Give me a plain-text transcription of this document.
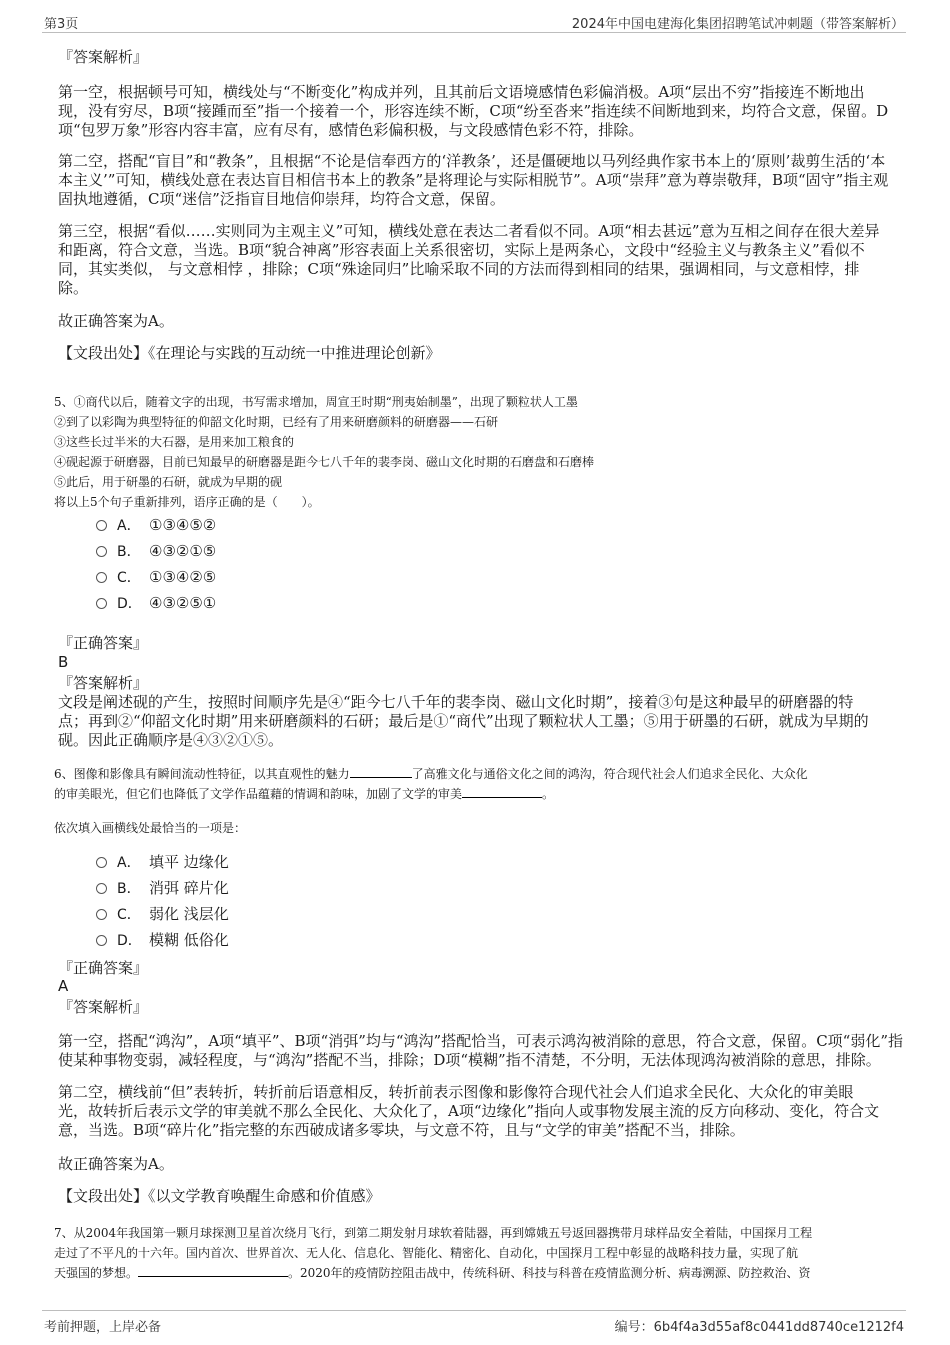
第3页	2024年中国电建海化集团招聘笔试冲刺题（带答案解析）

『答案解析』

第一空，根据顿号可知，横线处与“不断变化”构成并列，且其前后文语境感情色彩偏消极。A项“层出不穷”指接连不断地出

现，没有穷尽，B项“接踵而至”指一个接着一个，形容连续不断，C项“纷至沓来”指连续不间断地到来，均符合文意，保留。D

项“包罗万象”形容内容丰富，应有尽有，感情色彩偏积极，与文段感情色彩不符，排除。

第二空，搭配“盲目”和“教条”，且根据“不论是信奉西方的‘洋教条’，还是僵硬地以马列经典作家书本上的‘原则’裁剪生活的‘本

本主义’”可知，横线处意在表达盲目相信书本上的教条”是将理论与实际相脱节”。A项“崇拜”意为尊崇敬拜，B项“固守”指主观

固执地遵循，C项“迷信”泛指盲目地信仰崇拜，均符合文意，保留。

第三空，根据“看似……实则同为主观主义”可知，横线处意在表达二者看似不同。A项“相去甚远”意为互相之间存在很大差异

和距离，符合文意，当选。B项“貌合神离”形容表面上关系很密切，实际上是两条心，文段中“经验主义与教条主义”看似不

同，其实类似， 与文意相悖 ，排除；C项“殊途同归”比喻采取不同的方法而得到相同的结果，强调相同，与文意相悖，排

除。

故正确答案为A。

【文段出处】《在理论与实践的互动统一中推进理论创新》

5、①商代以后，随着文字的出现，书写需求增加，周宣王时期“刑夷始制墨”，出现了颗粒状人工墨

②到了以彩陶为典型特征的仰韶文化时期，已经有了用来研磨颜料的研磨器——石研

③这些长过半米的大石器，是用来加工粮食的

④砚起源于研磨器，目前已知最早的研磨器是距今七八千年的裴李岗、磁山文化时期的石磨盘和石磨棒

⑤此后，用于研墨的石研，就成为早期的砚

将以上5个句子重新排列，语序正确的是（　　）。

A． ①③④⑤②
B． ④③②①⑤
C． ①③④②⑤
D． ④③②⑤①

『正确答案』

B

『答案解析』

文段是阐述砚的产生，按照时间顺序先是④“距今七八千年的裴李岗、磁山文化时期”，接着③句是这种最早的研磨器的特

点；再到②“仰韶文化时期”用来研磨颜料的石研；最后是①“商代”出现了颗粒状人工墨；⑤用于研墨的石研，就成为早期的

砚。因此正确顺序是④③②①⑤。

6、图像和影像具有瞬间流动性特征，以其直观性的魅力	了高雅文化与通俗文化之间的鸿沟，符合现代社会人们追求全民化、大众化

的审美眼光，但它们也降低了文学作品蕴藉的情调和韵味，加剧了文学的审美	。

依次填入画横线处最恰当的一项是：

A． 填平 边缘化
B． 消弭 碎片化
C． 弱化 浅层化
D． 模糊 低俗化

『正确答案』

A

『答案解析』

第一空，搭配“鸿沟”，A项“填平”、B项“消弭”均与“鸿沟”搭配恰当，可表示鸿沟被消除的意思，符合文意，保留。C项“弱化”指

使某种事物变弱，减轻程度，与“鸿沟”搭配不当，排除；D项“模糊”指不清楚，不分明，无法体现鸿沟被消除的意思，排除。

第二空，横线前“但”表转折，转折前后语意相反，转折前表示图像和影像符合现代社会人们追求全民化、大众化的审美眼

光，故转折后表示文学的审美就不那么全民化、大众化了，A项“边缘化”指向人或事物发展主流的反方向移动、变化，符合文

意，当选。B项“碎片化”指完整的东西破成诸多零块，与文意不符，且与“文学的审美”搭配不当，排除。

故正确答案为A。

【文段出处】《以文学教育唤醒生命感和价值感》

7、从2004年我国第一颗月球探测卫星首次绕月飞行，到第二期发射月球软着陆器，再到嫦娥五号返回器携带月球样品安全着陆，中国探月工程

走过了不平凡的十六年。国内首次、世界首次、无人化、信息化、智能化、精密化、自动化，中国探月工程中彰显的战略科技力量，实现了航

天强国的梦想。	。2020年的疫情防控阻击战中，传统科研、科技与科普在疫情监测分析、病毒溯源、防控救治、资

考前押题，上岸必备	编号：6b4f4a3d55af8c0441dd8740ce1212f4
